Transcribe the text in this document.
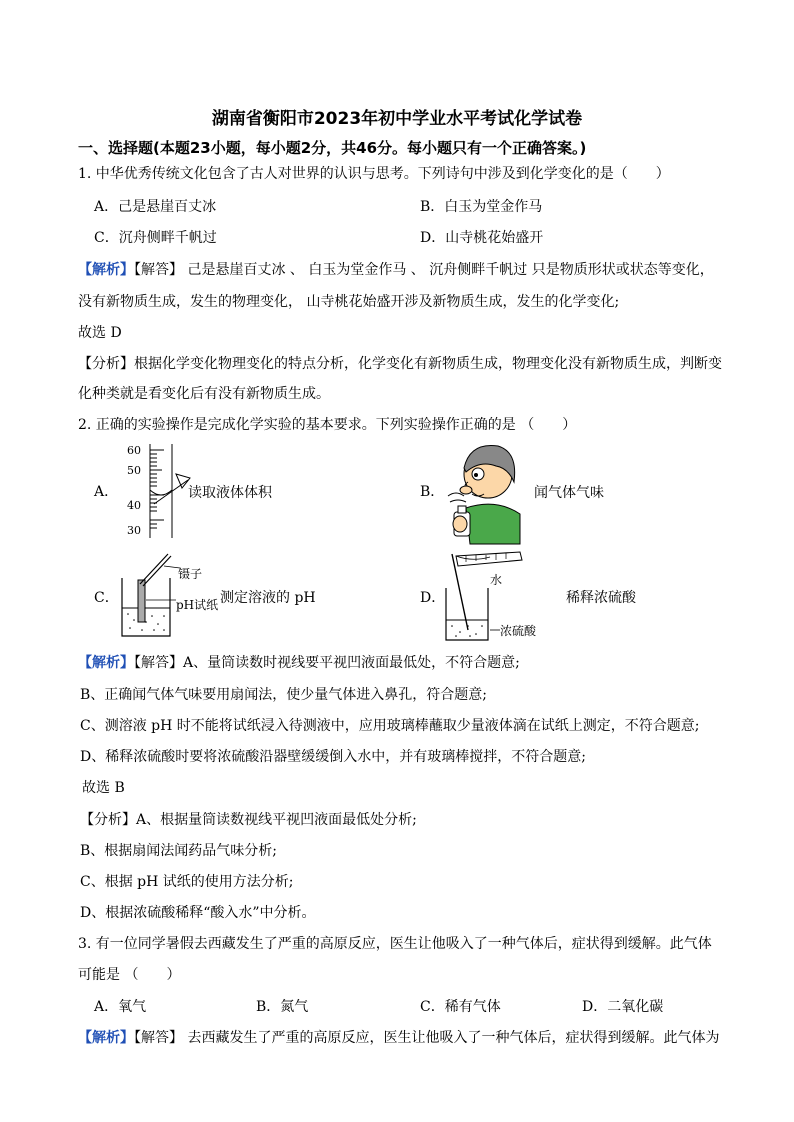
湖南省衡阳市2023年初中学业水平考试化学试卷
一、选择题(本题23小题，每小题2分，共46分。每小题只有一个正确答案。)
1. 中华优秀传统文化包含了古人对世界的认识与思考。下列诗句中涉及到化学变化的是（　　）
A．己是悬崖百丈冰	B．白玉为堂金作马
C．沉舟侧畔千帆过	D．山寺桃花始盛开
【解析】【解答】 己是悬崖百丈冰 、 白玉为堂金作马 、 沉舟侧畔千帆过 只是物质形状或状态等变化，
没有新物质生成，发生的物理变化， 山寺桃花始盛开涉及新物质生成，发生的化学变化;
故选 D
【分析】根据化学变化物理变化的特点分析，化学变化有新物质生成，物理变化没有新物质生成，判断变
化种类就是看变化后有没有新物质生成。
2. 正确的实验操作是完成化学实验的基本要求。下列实验操作正确的是 （　　）
A．
60
50
40
30
读取液体体积	B．	闻气体气味
C．
镊子
pH试纸 测定溶液的 pH	D．
水
浓硫酸
稀释浓硫酸
【解析】【解答】A、量筒读数时视线要平视凹液面最低处，不符合题意;
B、正确闻气体气味要用扇闻法，使少量气体进入鼻孔，符合题意;
C、测溶液 pH 时不能将试纸浸入待测液中，应用玻璃棒蘸取少量液体滴在试纸上测定，不符合题意;
D、稀释浓硫酸时要将浓硫酸沿器壁缓缓倒入水中，并有玻璃棒搅拌，不符合题意;
故选 B
【分析】A、根据量筒读数视线平视凹液面最低处分析;
B、根据扇闻法闻药品气味分析;
C、根据 pH 试纸的使用方法分析;
D、根据浓硫酸稀释“酸入水”中分析。
3. 有一位同学暑假去西藏发生了严重的高原反应，医生让他吸入了一种气体后，症状得到缓解。此气体
可能是 （　　）
A．氧气	B．氮气	C．稀有气体	D．二氧化碳
【解析】【解答】 去西藏发生了严重的高原反应，医生让他吸入了一种气体后，症状得到缓解。此气体为
